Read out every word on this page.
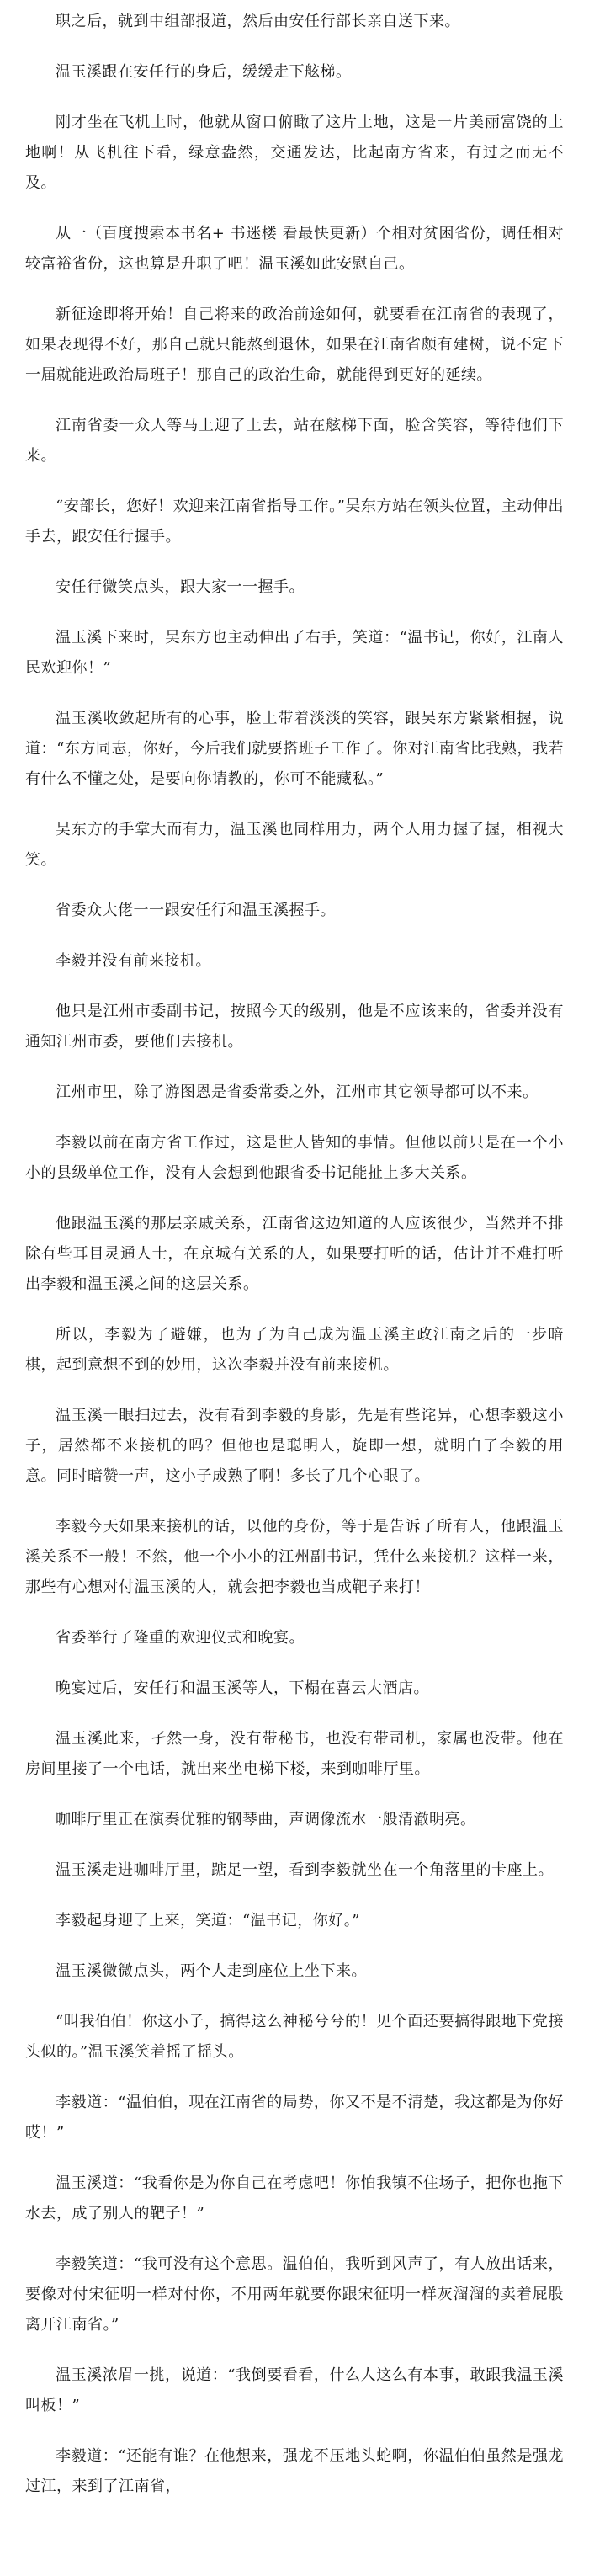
职之后，就到中组部报道，然后由安任行部长亲自送下来。

温玉溪跟在安任行的身后，缓缓走下舷梯。

刚才坐在飞机上时，他就从窗口俯瞰了这片土地，这是一片美丽富饶的土地啊！从飞机往下看，绿意盎然，交通发达，比起南方省来，有过之而无不及。

从一（百度搜索本书名+ 书迷楼 看最快更新）个相对贫困省份，调任相对较富裕省份，这也算是升职了吧！温玉溪如此安慰自己。

新征途即将开始！自己将来的政治前途如何，就要看在江南省的表现了，如果表现得不好，那自己就只能熬到退休，如果在江南省颇有建树，说不定下一届就能进政治局班子！那自己的政治生命，就能得到更好的延续。

江南省委一众人等马上迎了上去，站在舷梯下面，脸含笑容，等待他们下来。

“安部长，您好！欢迎来江南省指导工作。”吴东方站在领头位置，主动伸出手去，跟安任行握手。

安任行微笑点头，跟大家一一握手。

温玉溪下来时，吴东方也主动伸出了右手，笑道：“温书记，你好，江南人民欢迎你！”

温玉溪收敛起所有的心事，脸上带着淡淡的笑容，跟吴东方紧紧相握，说道：“东方同志，你好，今后我们就要搭班子工作了。你对江南省比我熟，我若有什么不懂之处，是要向你请教的，你可不能藏私。”

吴东方的手掌大而有力，温玉溪也同样用力，两个人用力握了握，相视大笑。

省委众大佬一一跟安任行和温玉溪握手。

李毅并没有前来接机。

他只是江州市委副书记，按照今天的级别，他是不应该来的，省委并没有通知江州市委，要他们去接机。

江州市里，除了游图恩是省委常委之外，江州市其它领导都可以不来。

李毅以前在南方省工作过，这是世人皆知的事情。但他以前只是在一个小小的县级单位工作，没有人会想到他跟省委书记能扯上多大关系。

他跟温玉溪的那层亲戚关系，江南省这边知道的人应该很少，当然并不排除有些耳目灵通人士，在京城有关系的人，如果要打听的话，估计并不难打听出李毅和温玉溪之间的这层关系。

所以，李毅为了避嫌，也为了为自己成为温玉溪主政江南之后的一步暗棋，起到意想不到的妙用，这次李毅并没有前来接机。

温玉溪一眼扫过去，没有看到李毅的身影，先是有些诧异，心想李毅这小子，居然都不来接机的吗？但他也是聪明人，旋即一想，就明白了李毅的用意。同时暗赞一声，这小子成熟了啊！多长了几个心眼了。

李毅今天如果来接机的话，以他的身份，等于是告诉了所有人，他跟温玉溪关系不一般！不然，他一个小小的江州副书记，凭什么来接机？这样一来，那些有心想对付温玉溪的人，就会把李毅也当成靶子来打！

省委举行了隆重的欢迎仪式和晚宴。

晚宴过后，安任行和温玉溪等人，下榻在喜云大酒店。

温玉溪此来，孑然一身，没有带秘书，也没有带司机，家属也没带。他在房间里接了一个电话，就出来坐电梯下楼，来到咖啡厅里。

咖啡厅里正在演奏优雅的钢琴曲，声调像流水一般清澈明亮。

温玉溪走进咖啡厅里，踮足一望，看到李毅就坐在一个角落里的卡座上。

李毅起身迎了上来，笑道：“温书记，你好。”

温玉溪微微点头，两个人走到座位上坐下来。

“叫我伯伯！你这小子，搞得这么神秘兮兮的！见个面还要搞得跟地下党接头似的。”温玉溪笑着摇了摇头。

李毅道：“温伯伯，现在江南省的局势，你又不是不清楚，我这都是为你好哎！”

温玉溪道：“我看你是为你自己在考虑吧！你怕我镇不住场子，把你也拖下水去，成了别人的靶子！”

李毅笑道：“我可没有这个意思。温伯伯，我听到风声了，有人放出话来，要像对付宋征明一样对付你，不用两年就要你跟宋征明一样灰溜溜的卖着屁股离开江南省。”

温玉溪浓眉一挑，说道：“我倒要看看，什么人这么有本事，敢跟我温玉溪叫板！”

李毅道：“还能有谁？在他想来，强龙不压地头蛇啊，你温伯伯虽然是强龙过江，来到了江南省，
